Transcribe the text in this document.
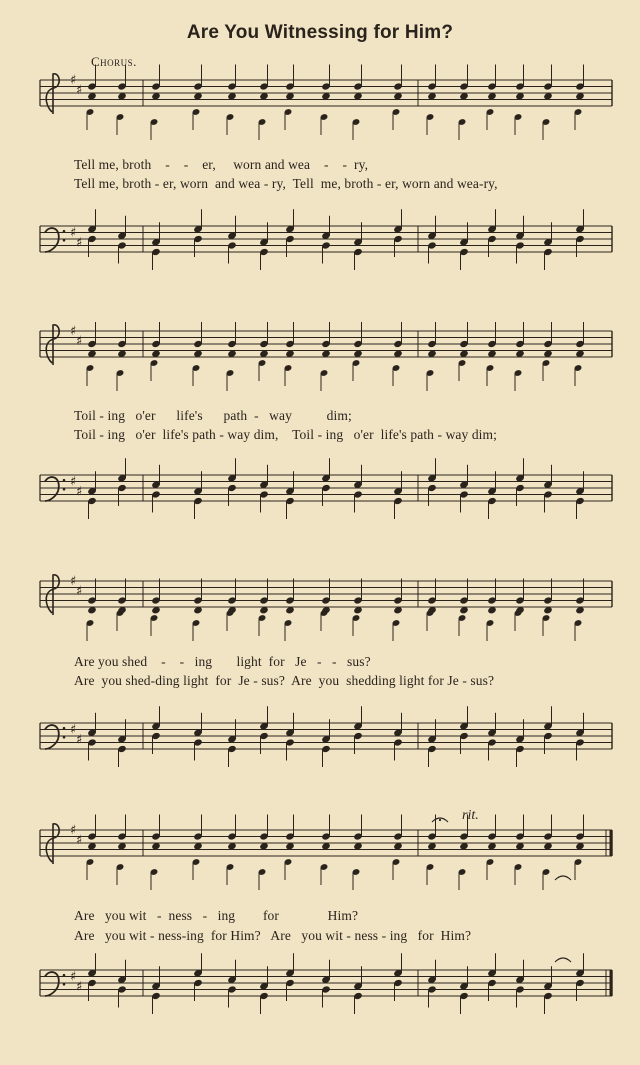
Are You Witnessing for Him?
Chorus.
rit.
♯
♯
♯
♯
♯
♯
♯
♯
♯
♯
♯
♯
♯
♯
♯
♯
Tell me, broth    -    -    er,     worn and wea    -    -  ry,
Tell me, broth - er, worn  and wea - ry,  Tell  me, broth - er, worn and wea-ry,
Toil - ing   o'er      life's      path  -   way          dim;
Toil - ing   o'er  life's path - way dim,    Toil - ing   o'er  life's path - way dim;
Are you shed    -    -   ing       light  for   Je   -   -   sus?
Are  you shed-ding light  for  Je - sus?  Are  you  shedding light for Je - sus?
Are   you wit   -  ness   -   ing        for              Him?
Are   you wit - ness-ing  for Him?   Are   you wit - ness - ing   for  Him?
